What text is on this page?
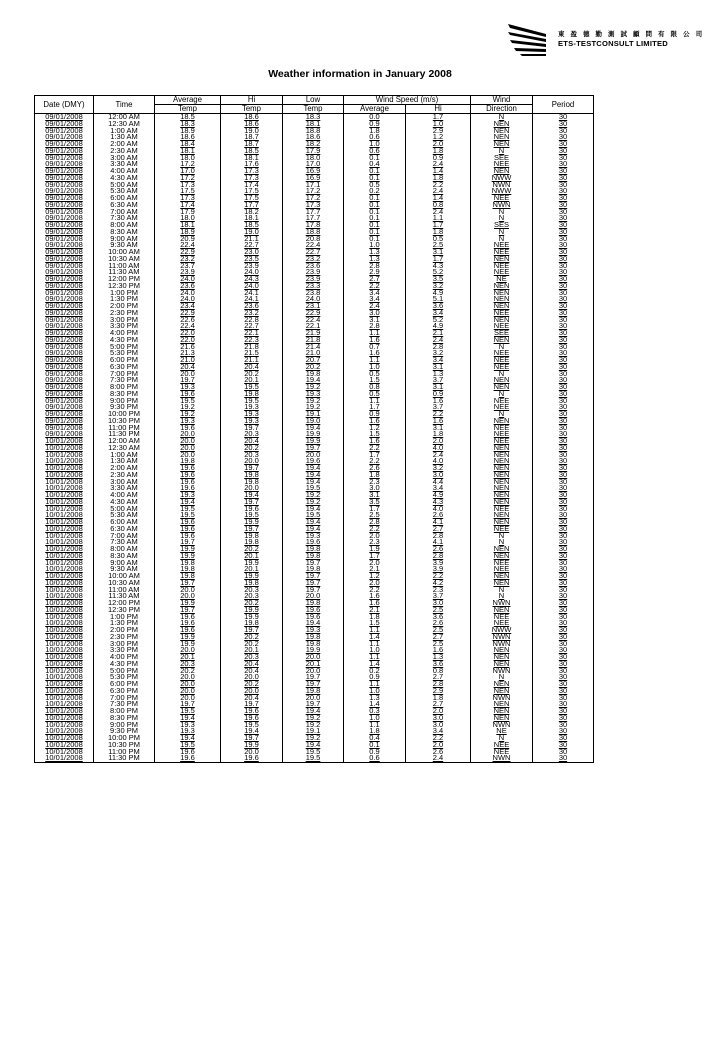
東 盈 德 勤 測 試 顧 問 有 限 公 司
ETS-TESTCONSULT LIMITED
Weather information in January 2008
Date (DMY)	Time	Average	Hi	Low	Wind Speed (m/s)		Wind	Period
		Temp	Temp	Temp	Average	Hi	Direction	
09/01/2008	12:00 AM	18.5	18.6	18.3	0.0	1.7	N	30
09/01/2008	12:30 AM	18.3	18.6	18.1	0.9	1.0	NEN	30
09/01/2008	1:00 AM	18.9	19.0	18.8	1.8	2.9	NEN	30
09/01/2008	1:30 AM	18.6	18.7	18.6	0.6	1.2	NEN	30
09/01/2008	2:00 AM	18.4	18.7	18.2	1.0	2.0	NEN	30
09/01/2008	2:30 AM	18.1	18.5	17.9	0.6	1.8	N	30
09/01/2008	3:00 AM	18.0	18.1	18.0	0.1	0.9	SEE	30
09/01/2008	3:30 AM	17.2	17.6	17.0	0.4	2.4	NEE	30
09/01/2008	4:00 AM	17.0	17.3	16.9	0.1	1.4	NEN	30
09/01/2008	4:30 AM	17.2	17.3	16.9	0.1	1.8	NWW	30
09/01/2008	5:00 AM	17.3	17.4	17.1	0.5	2.2	NWN	30
09/01/2008	5:30 AM	17.5	17.5	17.2	0.2	2.4	NWW	30
09/01/2008	6:00 AM	17.3	17.5	17.2	0.1	1.4	NEE	30
09/01/2008	6:30 AM	17.4	17.7	17.3	0.1	0.8	NWN	30
09/01/2008	7:00 AM	17.9	18.2	17.7	0.1	2.4	N	30
09/01/2008	7:30 AM	18.0	18.1	17.7	0.1	1.1	N	30
09/01/2008	8:00 AM	18.1	18.5	17.8	0.1	1.7	SES	30
09/01/2008	8:30 AM	18.9	19.0	18.8	0.1	1.8	N	30
09/01/2008	9:00 AM	20.9	21.1	20.8	0.1	0.5	N	30
09/01/2008	9:30 AM	22.4	22.7	22.4	1.0	2.5	NEE	30
09/01/2008	10:00 AM	22.9	23.0	22.7	1.3	3.1	NEE	30
09/01/2008	10:30 AM	23.2	23.5	23.2	1.3	1.7	NEN	30
09/01/2008	11:00 AM	23.7	23.9	23.6	2.8	4.3	NEE	30
09/01/2008	11:30 AM	23.9	24.0	23.9	2.9	5.2	NEE	30
09/01/2008	12:00 PM	24.0	24.3	23.9	2.7	3.5	NE	30
09/01/2008	12:30 PM	23.6	24.0	23.3	2.2	3.2	NEN	30
09/01/2008	1:00 PM	24.0	24.1	23.8	3.4	4.9	NEN	30
09/01/2008	1:30 PM	24.0	24.1	24.0	3.4	5.1	NEN	30
09/01/2008	2:00 PM	23.4	23.6	23.1	2.4	3.6	NEN	30
09/01/2008	2:30 PM	22.9	23.2	22.9	3.0	3.4	NEE	30
09/01/2008	3:00 PM	22.6	22.8	22.4	3.1	5.2	NEN	30
09/01/2008	3:30 PM	22.4	22.7	22.1	2.8	4.9	NEE	30
09/01/2008	4:00 PM	22.0	22.1	21.9	1.1	2.1	SEE	30
09/01/2008	4:30 PM	22.0	22.3	21.8	1.6	2.4	NEN	30
09/01/2008	5:00 PM	21.6	21.8	21.4	0.7	2.8	N	30
09/01/2008	5:30 PM	21.3	21.5	21.0	1.6	3.2	NEE	30
09/01/2008	6:00 PM	21.0	21.1	20.7	1.1	3.4	NEE	30
09/01/2008	6:30 PM	20.4	20.4	20.2	1.0	3.1	NEE	30
09/01/2008	7:00 PM	20.0	20.2	19.8	0.5	1.3	N	30
09/01/2008	7:30 PM	19.7	20.1	19.4	1.5	3.7	NEN	30
09/01/2008	8:00 PM	19.3	19.5	19.2	0.8	3.1	NEN	30
09/01/2008	8:30 PM	19.6	19.8	19.3	0.5	0.9	N	30
09/01/2008	9:00 PM	19.5	19.5	19.2	1.1	1.6	NEE	30
09/01/2008	9:30 PM	19.2	19.3	19.2	1.7	3.7	NEE	30
09/01/2008	10:00 PM	19.2	19.3	19.1	0.9	2.2	N	30
09/01/2008	10:30 PM	19.3	19.3	19.0	1.6	1.6	NEN	30
09/01/2008	11:00 PM	19.6	19.7	19.4	1.2	3.1	NEE	30
09/01/2008	11:30 PM	20.0	20.3	19.9	1.5	1.8	NEE	30
10/01/2008	12:00 AM	20.0	20.4	19.9	1.6	2.0	NEE	30
10/01/2008	12:30 AM	20.0	20.2	19.7	2.2	4.0	NEN	30
10/01/2008	1:00 AM	20.0	20.3	20.0	1.7	2.4	NEN	30
10/01/2008	1:30 AM	19.8	20.0	19.6	2.2	4.0	NEN	30
10/01/2008	2:00 AM	19.6	19.7	19.4	2.6	3.2	NEN	30
10/01/2008	2:30 AM	19.6	19.8	19.4	1.8	3.0	NEN	30
10/01/2008	3:00 AM	19.6	19.8	19.4	2.3	4.4	NEN	30
10/01/2008	3:30 AM	19.6	20.0	19.5	3.0	3.4	NEN	30
10/01/2008	4:00 AM	19.3	19.4	19.2	3.1	4.9	NEN	30
10/01/2008	4:30 AM	19.4	19.7	19.2	3.5	4.3	NEN	30
10/01/2008	5:00 AM	19.5	19.6	19.4	1.7	4.0	NEE	30
10/01/2008	5:30 AM	19.5	19.5	19.5	2.5	2.6	NEN	30
10/01/2008	6:00 AM	19.6	19.9	19.4	2.8	4.1	NEN	30
10/01/2008	6:30 AM	19.6	19.7	19.4	2.2	2.7	NEE	30
10/01/2008	7:00 AM	19.6	19.8	19.3	2.0	2.8	N	30
10/01/2008	7:30 AM	19.7	19.8	19.6	2.3	4.1	N	30
10/01/2008	8:00 AM	19.9	20.2	19.8	1.9	2.6	NEN	30
10/01/2008	8:30 AM	19.9	20.1	19.8	1.7	2.8	NEN	30
10/01/2008	9:00 AM	19.8	19.9	19.7	2.0	3.9	NEE	30
10/01/2008	9:30 AM	19.8	20.1	19.8	2.1	3.9	NEE	30
10/01/2008	10:00 AM	19.8	19.9	19.7	1.2	2.2	NEN	30
10/01/2008	10:30 AM	19.7	19.8	19.7	2.0	4.2	NEN	30
10/01/2008	11:00 AM	20.0	20.3	19.7	2.2	2.3	N	30
10/01/2008	11:30 AM	20.0	20.3	20.0	1.6	3.7	N	30
10/01/2008	12:00 PM	19.9	20.2	19.8	1.6	3.0	NWN	30
10/01/2008	12:30 PM	19.7	19.9	19.6	2.1	2.5	NEN	30
10/01/2008	1:00 PM	19.6	19.9	19.6	1.8	3.6	NEE	30
10/01/2008	1:30 PM	19.6	19.8	19.4	1.5	2.6	NEE	30
10/01/2008	2:00 PM	19.6	19.7	19.3	1.1	2.5	NWW	30
10/01/2008	2:30 PM	19.9	20.2	19.8	1.4	2.7	NWN	30
10/01/2008	3:00 PM	19.9	20.2	19.8	1.1	2.5	NWN	30
10/01/2008	3:30 PM	20.0	20.1	19.9	1.0	1.6	NEN	30
10/01/2008	4:00 PM	20.1	20.3	20.0	1.1	1.3	NEN	30
10/01/2008	4:30 PM	20.3	20.4	20.1	1.4	3.6	NEN	30
10/01/2008	5:00 PM	20.2	20.4	20.0	0.2	0.8	NWN	30
10/01/2008	5:30 PM	20.0	20.0	19.7	0.9	2.7	N	30
10/01/2008	6:00 PM	20.0	20.2	19.7	1.1	2.8	NEN	30
10/01/2008	6:30 PM	20.0	20.0	19.8	1.0	2.9	NEN	30
10/01/2008	7:00 PM	20.0	20.4	20.0	1.3	1.8	NWN	30
10/01/2008	7:30 PM	19.7	19.7	19.7	1.4	2.7	NEN	30
10/01/2008	8:00 PM	19.5	19.6	19.4	0.3	2.0	NEN	30
10/01/2008	8:30 PM	19.4	19.6	19.2	1.0	3.0	NEN	30
10/01/2008	9:00 PM	19.3	19.5	19.2	1.1	3.0	NWN	30
10/01/2008	9:30 PM	19.3	19.4	19.1	1.8	3.4	NE	30
10/01/2008	10:00 PM	19.4	19.7	19.2	0.4	2.2	N	30
10/01/2008	10:30 PM	19.5	19.9	19.4	0.1	2.0	NEE	30
10/01/2008	11:00 PM	19.6	20.0	19.5	0.9	2.6	NEE	30
10/01/2008	11:30 PM	19.6	19.6	19.5	0.6	2.4	NWN	30
